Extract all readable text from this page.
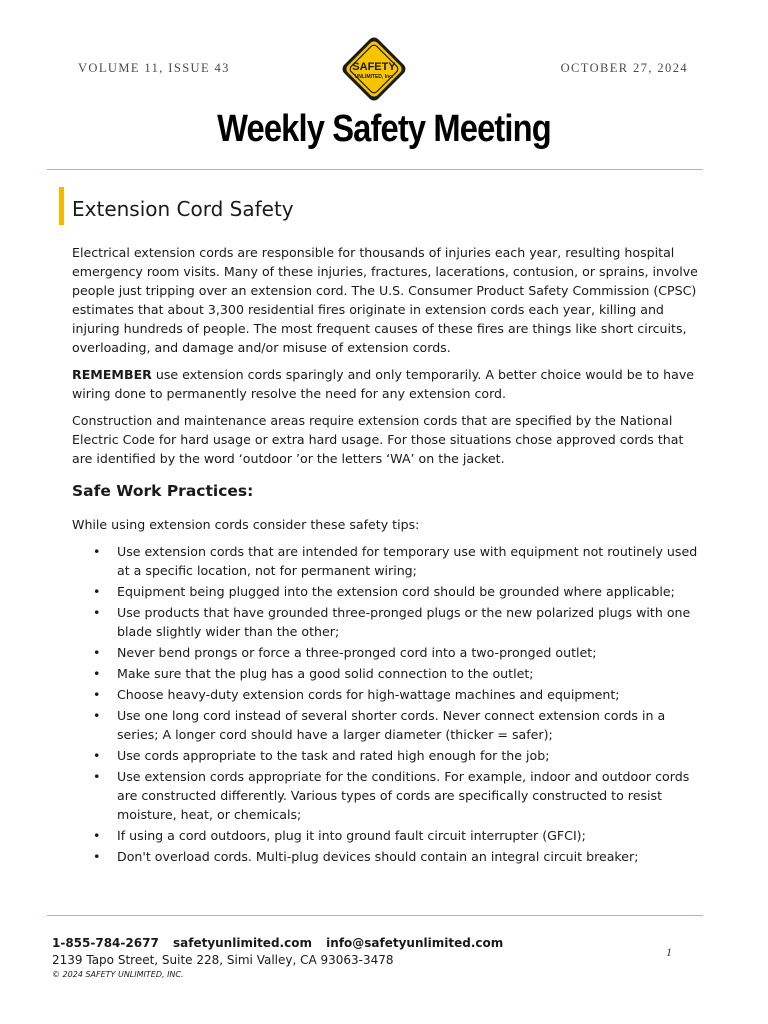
VOLUME 11, ISSUE 43	SAFETY
UNLIMITED, Inc.
OCTOBER 27, 2024
Weekly Safety Meeting
Extension Cord Safety

Electrical extension cords are responsible for thousands of injuries each year, resulting hospital emergency room visits. Many of these injuries, fractures, lacerations, contusion, or sprains, involve people just tripping over an extension cord. The U.S. Consumer Product Safety Commission (CPSC) estimates that about 3,300 residential fires originate in extension cords each year, killing and injuring hundreds of people. The most frequent causes of these fires are things like short circuits, overloading, and damage and/or misuse of extension cords.

REMEMBER use extension cords sparingly and only temporarily. A better choice would be to have wiring done to permanently resolve the need for any extension cord.

Construction and maintenance areas require extension cords that are specified by the National Electric Code for hard usage or extra hard usage. For those situations chose approved cords that are identified by the word ‘outdoor ’or the letters ‘WA’ on the jacket.

Safe Work Practices:

While using extension cords consider these safety tips:

• Use extension cords that are intended for temporary use with equipment not routinely used at a specific location, not for permanent wiring;
• Equipment being plugged into the extension cord should be grounded where applicable;
• Use products that have grounded three-pronged plugs or the new polarized plugs with one blade slightly wider than the other;
• Never bend prongs or force a three-pronged cord into a two-pronged outlet;
• Make sure that the plug has a good solid connection to the outlet;
• Choose heavy-duty extension cords for high-wattage machines and equipment;
• Use one long cord instead of several shorter cords. Never connect extension cords in a series; A longer cord should have a larger diameter (thicker = safer);
• Use cords appropriate to the task and rated high enough for the job;
• Use extension cords appropriate for the conditions. For example, indoor and outdoor cords are constructed differently. Various types of cords are specifically constructed to resist moisture, heat, or chemicals;
• If using a cord outdoors, plug it into ground fault circuit interrupter (GFCI);
• Don't overload cords. Multi-plug devices should contain an integral circuit breaker;
1-855-784-2677 safetyunlimited.com info@safetyunlimited.com
2139 Tapo Street, Suite 228, Simi Valley, CA 93063-3478
© 2024 SAFETY UNLIMITED, INC.
1
